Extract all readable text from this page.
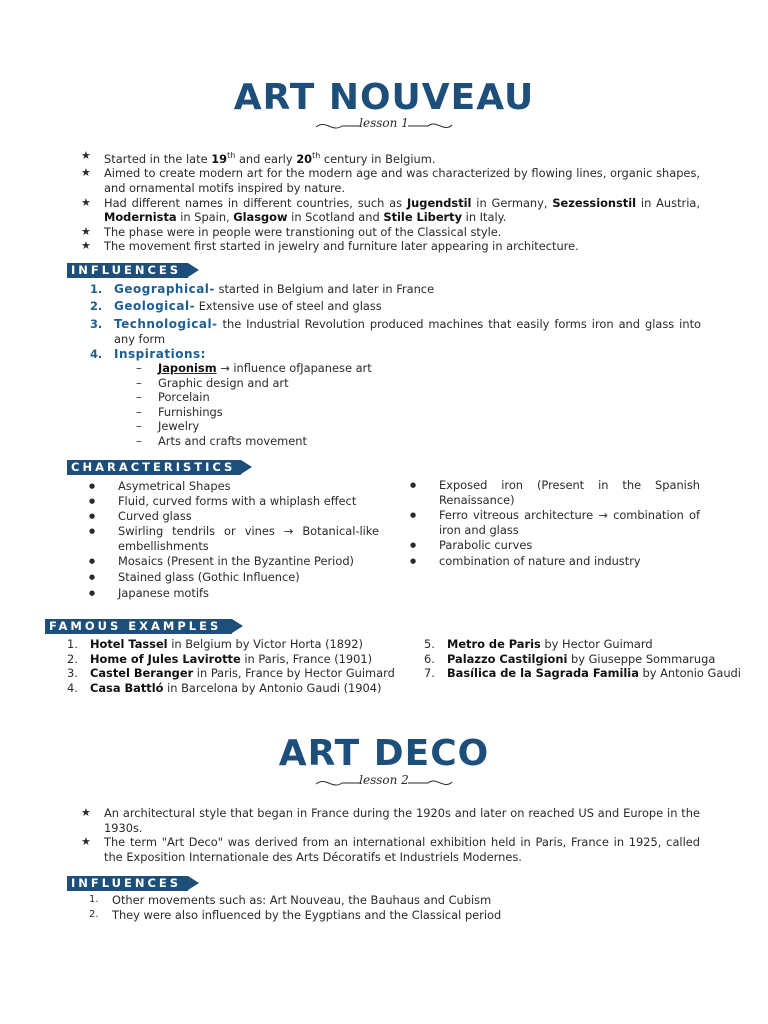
ART NOUVEAU
lesson 1
★ Started in the late 19th and early 20th century in Belgium.
★ Aimed to create modern art for the modern age and was characterized by flowing lines, organic shapes, and ornamental motifs inspired by nature.
★ Had different names in different countries, such as Jugendstil in Germany, Sezessionstil in Austria, Modernista in Spain, Glasgow in Scotland and Stile Liberty in Italy.
★ The phase were in people were transtioning out of the Classical style.
★ The movement first started in jewelry and furniture later appearing in architecture.
INFLUENCES
1. Geographical- started in Belgium and later in France
2. Geological- Extensive use of steel and glass
3. Technological- the Industrial Revolution produced machines that easily forms iron and glass into any form
4. Inspirations:
– Japonism → influence ofJapanese art
– Graphic design and art
– Porcelain
– Furnishings
– Jewelry
– Arts and crafts movement
CHARACTERISTICS
● Asymetrical Shapes
● Fluid, curved forms with a whiplash effect
● Curved glass
● Swirling tendrils or vines → Botanical-like embellishments
● Mosaics (Present in the Byzantine Period)
● Stained glass (Gothic Influence)
● Japanese motifs
● Exposed iron (Present in the Spanish Renaissance)
● Ferro vitreous architecture → combination of iron and glass
● Parabolic curves
● combination of nature and industry
FAMOUS EXAMPLES
1. Hotel Tassel in Belgium by Victor Horta (1892)
2. Home of Jules Lavirotte in Paris, France (1901)
3. Castel Beranger in Paris, France by Hector Guimard
4. Casa Battló in Barcelona by Antonio Gaudi (1904)
5. Metro de Paris by Hector Guimard
6. Palazzo Castilgioni by Giuseppe Sommaruga
7. Basílica de la Sagrada Familia by Antonio Gaudi
ART DECO
lesson 2
★ An architectural style that began in France during the 1920s and later on reached US and Europe in the 1930s.
★ The term "Art Deco" was derived from an international exhibition held in Paris, France in 1925, called the Exposition Internationale des Arts Décoratifs et Industriels Modernes.
INFLUENCES
1. Other movements such as: Art Nouveau, the Bauhaus and Cubism
2. They were also influenced by the Eygptians and the Classical period
